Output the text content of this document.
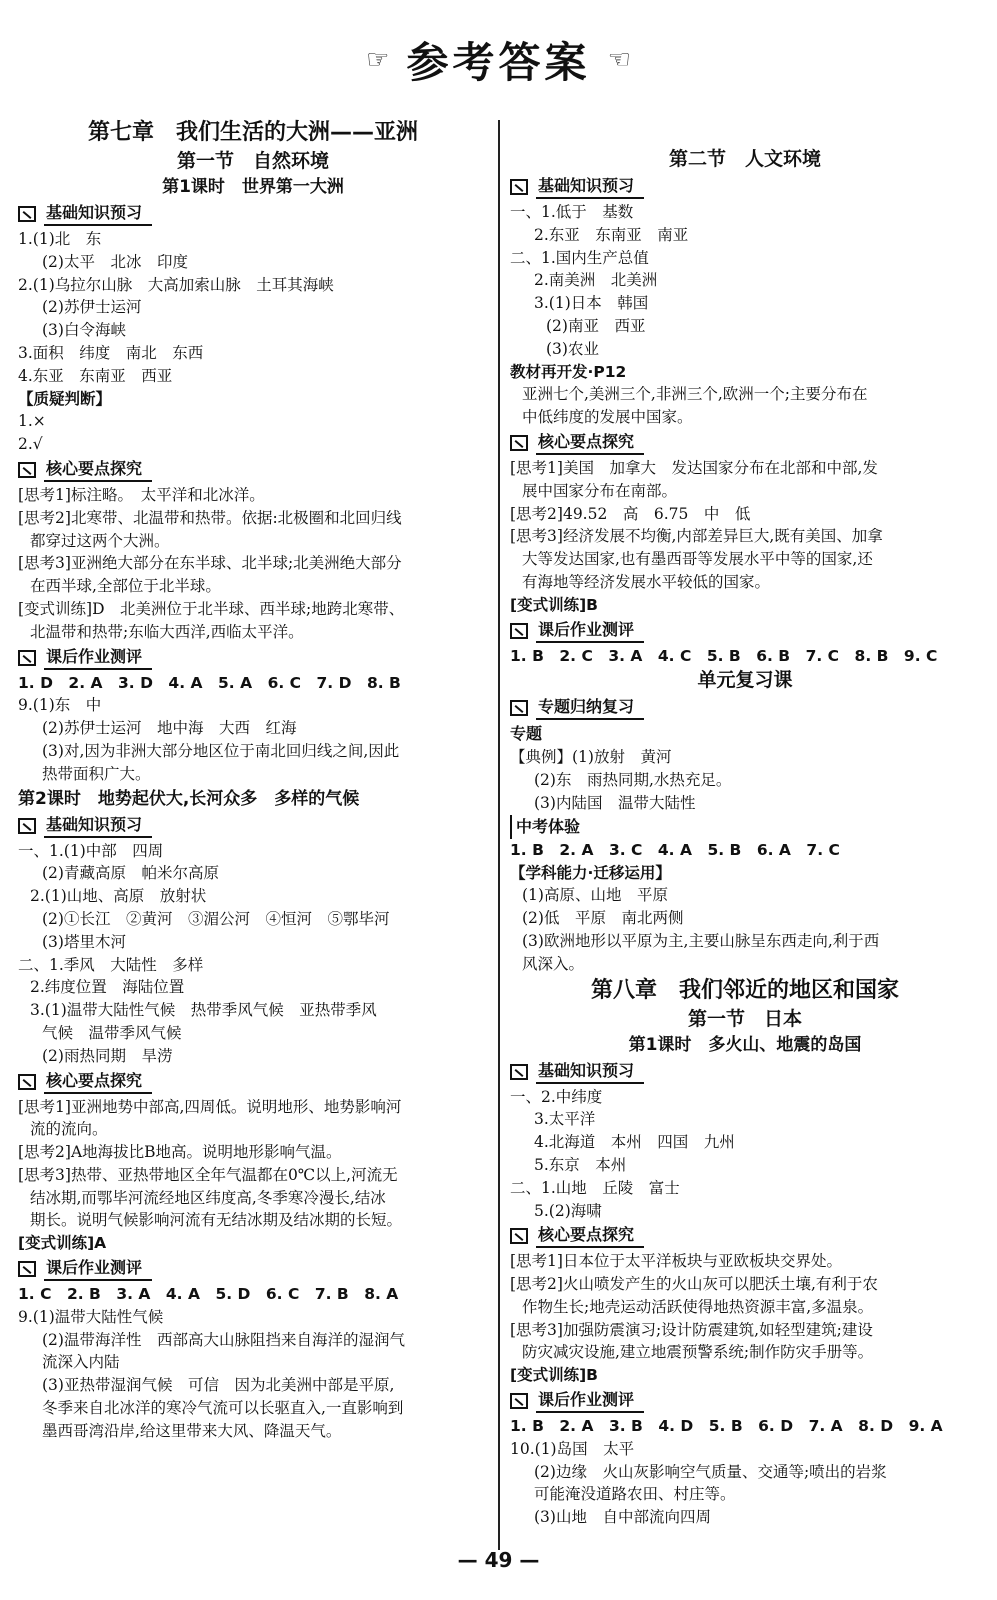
☞ 参考答案 ☜
第七章　我们生活的大洲——亚洲
第一节　自然环境
第1课时　世界第一大洲
基础知识预习
1.(1)北　东
(2)太平　北冰　印度
2.(1)乌拉尔山脉　大高加索山脉　土耳其海峡
(2)苏伊士运河
(3)白令海峡
3.面积　纬度　南北　东西
4.东亚　东南亚　西亚
【质疑判断】
1.×
2.√
核心要点探究
[思考1]标注略。　太平洋和北冰洋。
[思考2]北寒带、北温带和热带。依据:北极圈和北回归线
都穿过这两个大洲。
[思考3]亚洲绝大部分在东半球、北半球;北美洲绝大部分
在西半球,全部位于北半球。
[变式训练]D　北美洲位于北半球、西半球;地跨北寒带、
北温带和热带;东临大西洋,西临太平洋。
课后作业测评
1. D　2. A　3. D　4. A　5. A　6. C　7. D　8. B
9.(1)东　中
(2)苏伊士运河　地中海　大西　红海
(3)对,因为非洲大部分地区位于南北回归线之间,因此
热带面积广大。
第2课时　地势起伏大,长河众多　多样的气候
基础知识预习
一、1.(1)中部　四周
(2)青藏高原　帕米尔高原
2.(1)山地、高原　放射状
(2)①长江　②黄河　③湄公河　④恒河　⑤鄂毕河
(3)塔里木河
二、1.季风　大陆性　多样
2.纬度位置　海陆位置
3.(1)温带大陆性气候　热带季风气候　亚热带季风
气候　温带季风气候
(2)雨热同期　旱涝
核心要点探究
[思考1]亚洲地势中部高,四周低。说明地形、地势影响河
流的流向。
[思考2]A地海拔比B地高。说明地形影响气温。
[思考3]热带、亚热带地区全年气温都在0℃以上,河流无
结冰期,而鄂毕河流经地区纬度高,冬季寒冷漫长,结冰
期长。说明气候影响河流有无结冰期及结冰期的长短。
[变式训练]A
课后作业测评
1. C　2. B　3. A　4. A　5. D　6. C　7. B　8. A
9.(1)温带大陆性气候
(2)温带海洋性　西部高大山脉阻挡来自海洋的湿润气
流深入内陆
(3)亚热带湿润气候　可信　因为北美洲中部是平原,
冬季来自北冰洋的寒冷气流可以长驱直入,一直影响到
墨西哥湾沿岸,给这里带来大风、降温天气。
第二节　人文环境
基础知识预习
一、1.低于　基数
2.东亚　东南亚　南亚
二、1.国内生产总值
2.南美洲　北美洲
3.(1)日本　韩国
(2)南亚　西亚
(3)农业
教材再开发·P12
亚洲七个,美洲三个,非洲三个,欧洲一个;主要分布在
中低纬度的发展中国家。
核心要点探究
[思考1]美国　加拿大　发达国家分布在北部和中部,发
展中国家分布在南部。
[思考2]49.52　高　6.75　中　低
[思考3]经济发展不均衡,内部差异巨大,既有美国、加拿
大等发达国家,也有墨西哥等发展水平中等的国家,还
有海地等经济发展水平较低的国家。
[变式训练]B
课后作业测评
1. B　2. C　3. A　4. C　5. B　6. B　7. C　8. B　9. C
单元复习课
专题归纳复习
专题
【典例】(1)放射　黄河
(2)东　雨热同期,水热充足。
(3)内陆国　温带大陆性
中考体验
1. B　2. A　3. C　4. A　5. B　6. A　7. C
【学科能力·迁移运用】
(1)高原、山地　平原
(2)低　平原　南北两侧
(3)欧洲地形以平原为主,主要山脉呈东西走向,利于西
风深入。
第八章　我们邻近的地区和国家
第一节　日本
第1课时　多火山、地震的岛国
基础知识预习
一、2.中纬度
3.太平洋
4.北海道　本州　四国　九州
5.东京　本州
二、1.山地　丘陵　富士
5.(2)海啸
核心要点探究
[思考1]日本位于太平洋板块与亚欧板块交界处。
[思考2]火山喷发产生的火山灰可以肥沃土壤,有利于农
作物生长;地壳运动活跃使得地热资源丰富,多温泉。
[思考3]加强防震演习;设计防震建筑,如轻型建筑;建设
防灾减灾设施,建立地震预警系统;制作防灾手册等。
[变式训练]B
课后作业测评
1. B　2. A　3. B　4. D　5. B　6. D　7. A　8. D　9. A
10.(1)岛国　太平
(2)边缘　火山灰影响空气质量、交通等;喷出的岩浆
可能淹没道路农田、村庄等。
(3)山地　自中部流向四周
— 49 —
